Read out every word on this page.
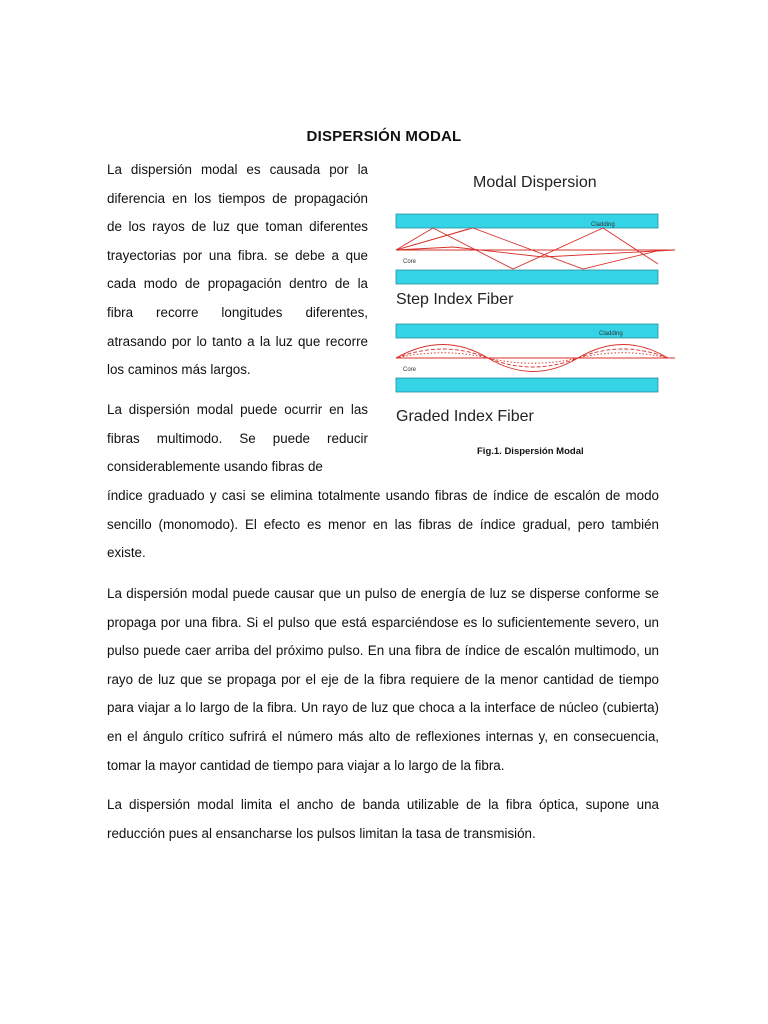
DISPERSIÓN MODAL

La dispersión modal es causada por la diferencia en los tiempos de propagación de los rayos de luz que toman diferentes trayectorias por una fibra. se debe a que cada modo de propagación dentro de la fibra recorre longitudes diferentes, atrasando por lo tanto a la luz que recorre los caminos más largos.

La dispersión modal puede ocurrir en las fibras multimodo. Se puede reducir considerablemente usando fibras de

índice graduado y casi se elimina totalmente usando fibras de índice de escalón de modo sencillo (monomodo). El efecto es menor en las fibras de índice gradual, pero también existe.

La dispersión modal puede causar que un pulso de energía de luz se disperse conforme se propaga por una fibra. Si el pulso que está esparciéndose es lo suficientemente severo, un pulso puede caer arriba del próximo pulso. En una fibra de índice de escalón multimodo, un rayo de luz que se propaga por el eje de la fibra requiere de la menor cantidad de tiempo para viajar a lo largo de la fibra. Un rayo de luz que choca a la interface de núcleo (cubierta) en el ángulo crítico sufrirá el número más alto de reflexiones internas y, en consecuencia, tomar la mayor cantidad de tiempo para viajar a lo largo de la fibra.

La dispersión modal limita el ancho de banda utilizable de la fibra óptica, supone una reducción pues al ensancharse los pulsos limitan la tasa de transmisión.

Modal Dispersion
Cladding
Core
Cladding
Core
Step Index Fiber
Graded Index Fiber
Fig.1. Dispersión Modal
